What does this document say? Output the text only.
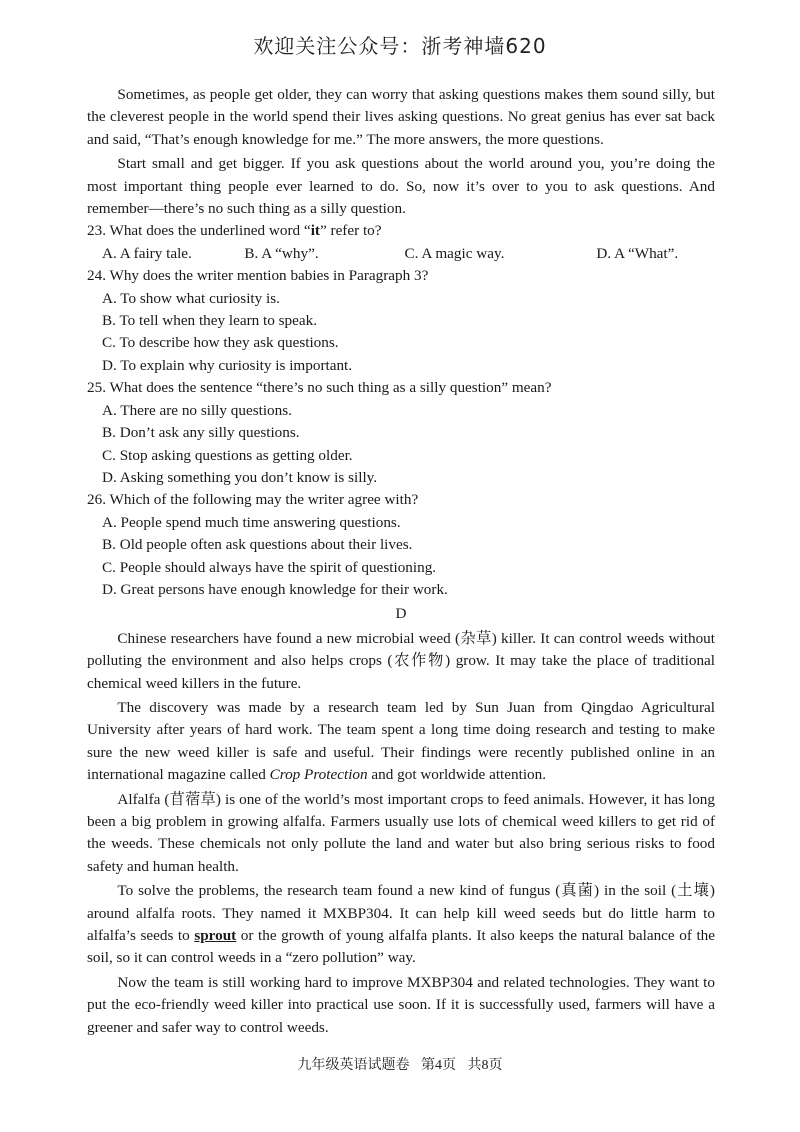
欢迎关注公众号：浙考神墙620

Sometimes, as people get older, they can worry that asking questions makes them sound silly, but the cleverest people in the world spend their lives asking questions. No great genius has ever sat back and said, “That’s enough knowledge for me.” The more answers, the more questions.

Start small and get bigger. If you ask questions about the world around you, you’re doing the most important thing people ever learned to do. So, now it’s over to you to ask questions. And remember—there’s no such thing as a silly question.

23. What does the underlined word “it” refer to?

A. A fairy tale.	B. A “why”.	C. A magic way.	D. A “What”.

24. Why does the writer mention babies in Paragraph 3?

A. To show what curiosity is.

B. To tell when they learn to speak.

C. To describe how they ask questions.

D. To explain why curiosity is important.

25. What does the sentence “there’s no such thing as a silly question” mean?

A. There are no silly questions.

B. Don’t ask any silly questions.

C. Stop asking questions as getting older.

D. Asking something you don’t know is silly.

26. Which of the following may the writer agree with?

A. People spend much time answering questions.

B. Old people often ask questions about their lives.

C. People should always have the spirit of questioning.

D. Great persons have enough knowledge for their work.

D

Chinese researchers have found a new microbial weed (杂草) killer. It can control weeds without polluting the environment and also helps crops (农作物) grow. It may take the place of traditional chemical weed killers in the future.

The discovery was made by a research team led by Sun Juan from Qingdao Agricultural University after years of hard work. The team spent a long time doing research and testing to make sure the new weed killer is safe and useful. Their findings were recently published online in an international magazine called Crop Protection and got worldwide attention.

Alfalfa (苜蓿草) is one of the world’s most important crops to feed animals. However, it has long been a big problem in growing alfalfa. Farmers usually use lots of chemical weed killers to get rid of the weeds. These chemicals not only pollute the land and water but also bring serious risks to food safety and human health.

To solve the problems, the research team found a new kind of fungus (真菌) in the soil (土壤) around alfalfa roots. They named it MXBP304. It can help kill weed seeds but do little harm to alfalfa’s seeds to sprout or the growth of young alfalfa plants. It also keeps the natural balance of the soil, so it can control weeds in a “zero pollution” way.

Now the team is still working hard to improve MXBP304 and related technologies. They want to put the eco-friendly weed killer into practical use soon. If it is successfully used, farmers will have a greener and safer way to control weeds.

九年级英语试题卷 第4页 共8页
